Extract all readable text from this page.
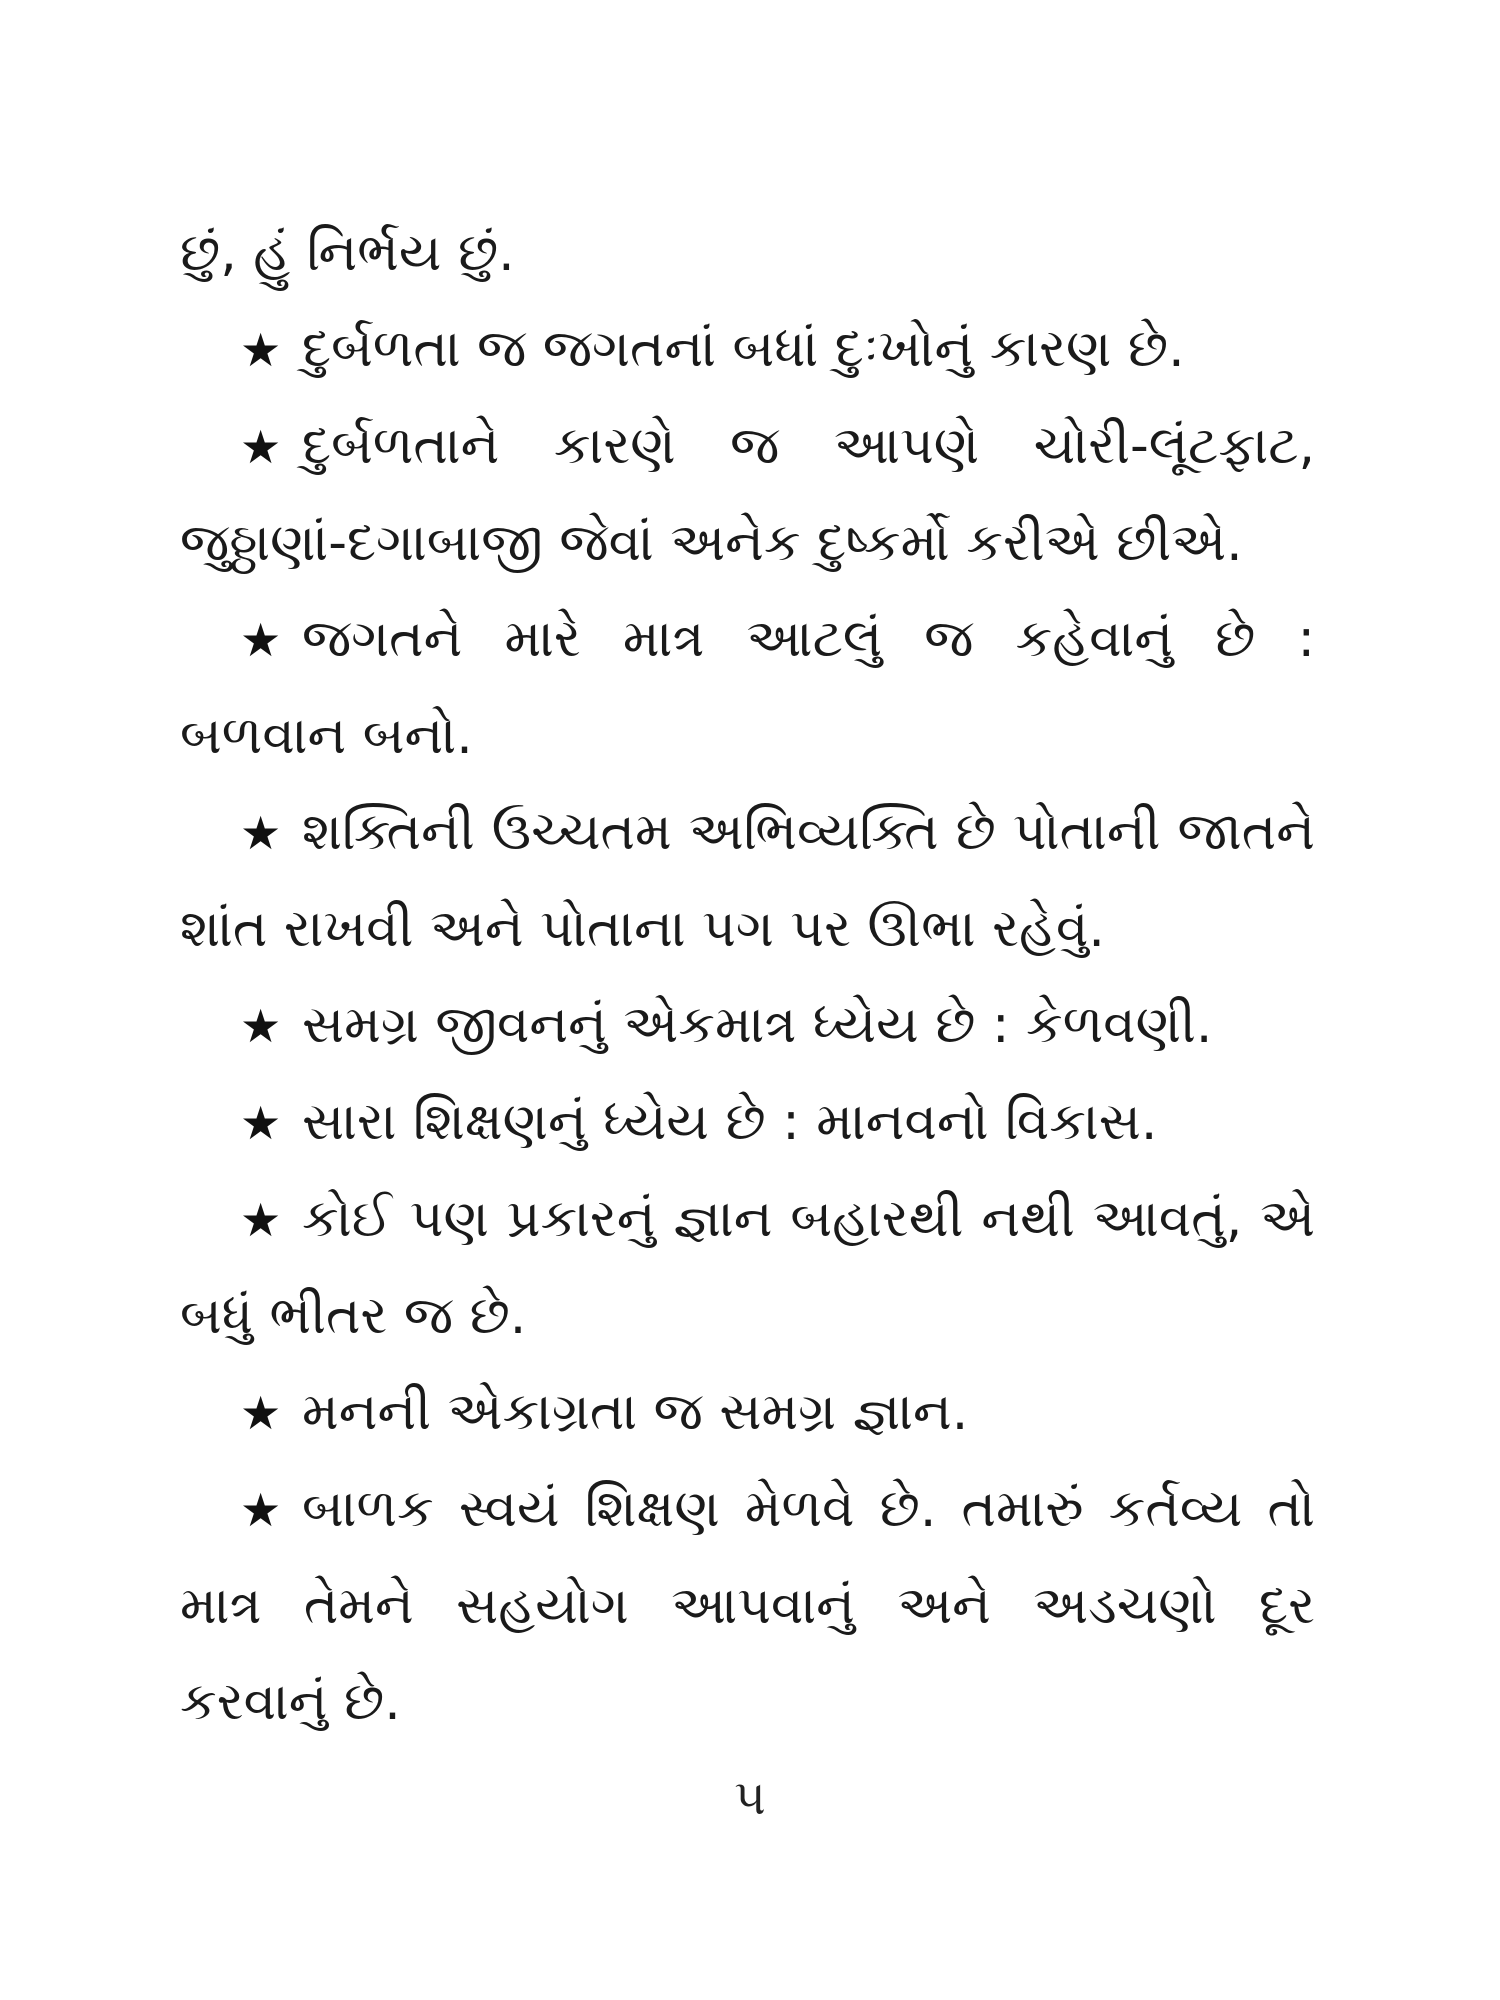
છું, હું નિર્ભય છું.

★ દુર્બળતા જ જગતનાં બધાં દુઃખોનું કારણ છે.

★ દુર્બળતાને કારણે જ આપણે ચોરી-લૂંટફાટ, જુઠ્ઠાણાં-દગાબાજી જેવાં અનેક દુષ્કર્મો કરીએ છીએ.

★ જગતને મારે માત્ર આટલું જ કહેવાનું છે : બળવાન બનો.

★ શક્તિની ઉચ્ચતમ અભિવ્યક્તિ છે પોતાની જાતને શાંત રાખવી અને પોતાના પગ પર ઊભા રહેવું.

★ સમગ્ર જીવનનું એકમાત્ર ધ્યેય છે : કેળવણી.

★ સારા શિક્ષણનું ધ્યેય છે : માનવનો વિકાસ.

★ કોઈ પણ પ્રકારનું જ્ઞાન બહારથી નથી આવતું, એ બધું ભીતર જ છે.

★ મનની એકાગ્રતા જ સમગ્ર જ્ઞાન.

★ બાળક સ્વયં શિક્ષણ મેળવે છે. તમારું કર્તવ્ય તો માત્ર તેમને સહયોગ આપવાનું અને અડચણો દૂર કરવાનું છે.

૫
